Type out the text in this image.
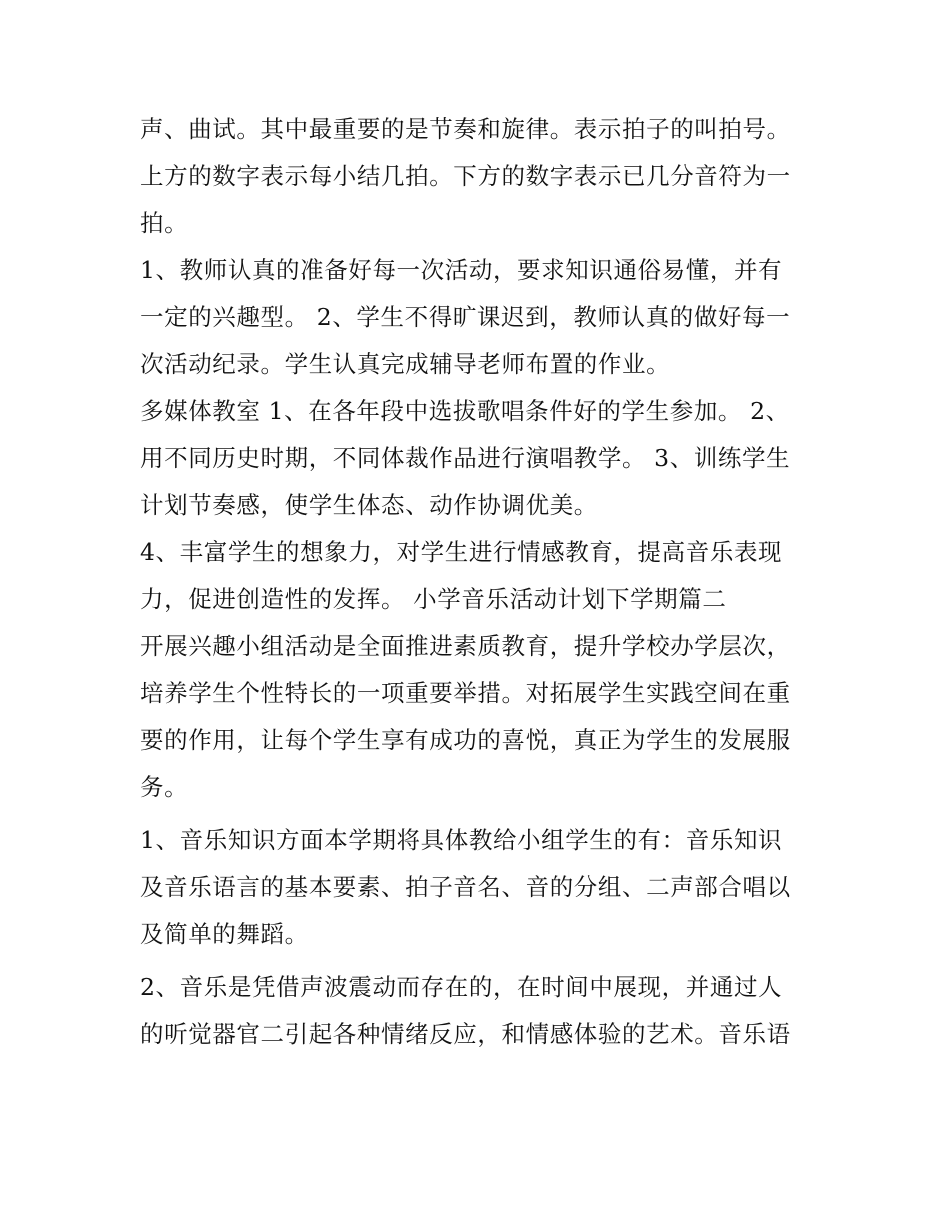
声、曲试。其中最重要的是节奏和旋律。表示拍子的叫拍号。
上方的数字表示每小结几拍。下方的数字表示已几分音符为一
拍。
1、教师认真的准备好每一次活动，要求知识通俗易懂，并有
一定的兴趣型。 2、学生不得旷课迟到，教师认真的做好每一
次活动纪录。学生认真完成辅导老师布置的作业。
多媒体教室 1、在各年段中选拔歌唱条件好的学生参加。 2、
用不同历史时期，不同体裁作品进行演唱教学。 3、训练学生
计划节奏感，使学生体态、动作协调优美。
4、丰富学生的想象力，对学生进行情感教育，提高音乐表现
力，促进创造性的发挥。 小学音乐活动计划下学期篇二
开展兴趣小组活动是全面推进素质教育，提升学校办学层次，
培养学生个性特长的一项重要举措。对拓展学生实践空间在重
要的作用，让每个学生享有成功的喜悦，真正为学生的发展服
务。
1、音乐知识方面本学期将具体教给小组学生的有：音乐知识
及音乐语言的基本要素、拍子音名、音的分组、二声部合唱以
及简单的舞蹈。
2、音乐是凭借声波震动而存在的，在时间中展现，并通过人
的听觉器官二引起各种情绪反应，和情感体验的艺术。音乐语
